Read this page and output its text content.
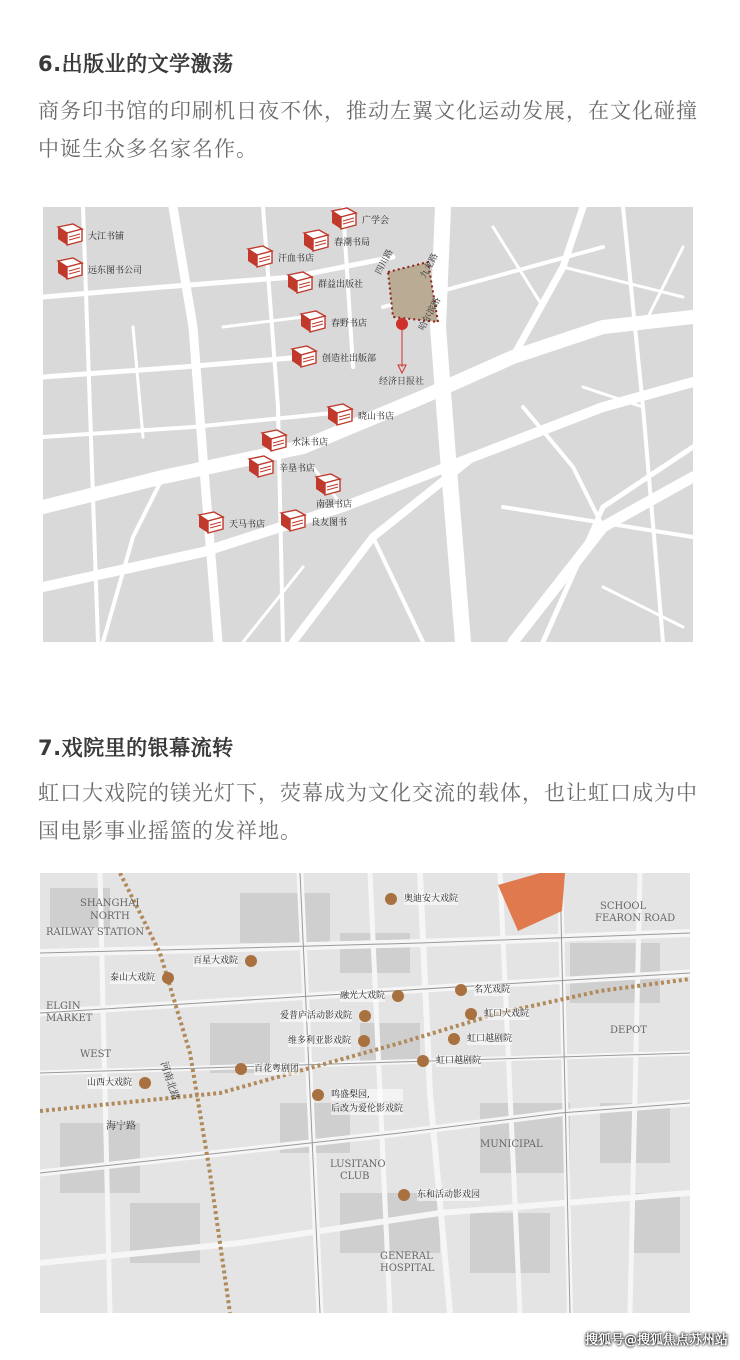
6.出版业的文学激荡

商务印书馆的印刷机日夜不休，推动左翼文化运动发展，在文化碰撞中诞生众多名家名作。

大江书铺
远东图书公司
广学会
春潮书局
汗血书店
群益出版社
春野书店
创造社出版部
晓山书店
水沫书店
辛垦书店
南强书店
天马书店	良友图书
四川路	九龙路
哈尔滨路
经济日报社
7.戏院里的银幕流转

虹口大戏院的镁光灯下，荧幕成为文化交流的载体，也让虹口成为中国电影事业摇篮的发祥地。

SHANGHAI
NORTH
RAILWAY STATION
ELGIN
MARKET
WEST
FEARON ROAD
DEPOT
LUSITANO
CLUB
GENERAL
HOSPITAL
SCHOOL
MUNICIPAL
奥迪安大戏院
百星大戏院
泰山大戏院
融光大戏院
名光戏院
爱普庐活动影戏院	虹口大戏院
维多利亚影戏院	虹口越剧院
虹口越剧院
百花粤剧团
山西大戏院
鸣盛梨园,
后改为爱伦影戏院
东和活动影戏园
河南北路
海宁路
搜狐号@搜狐焦点苏州站
